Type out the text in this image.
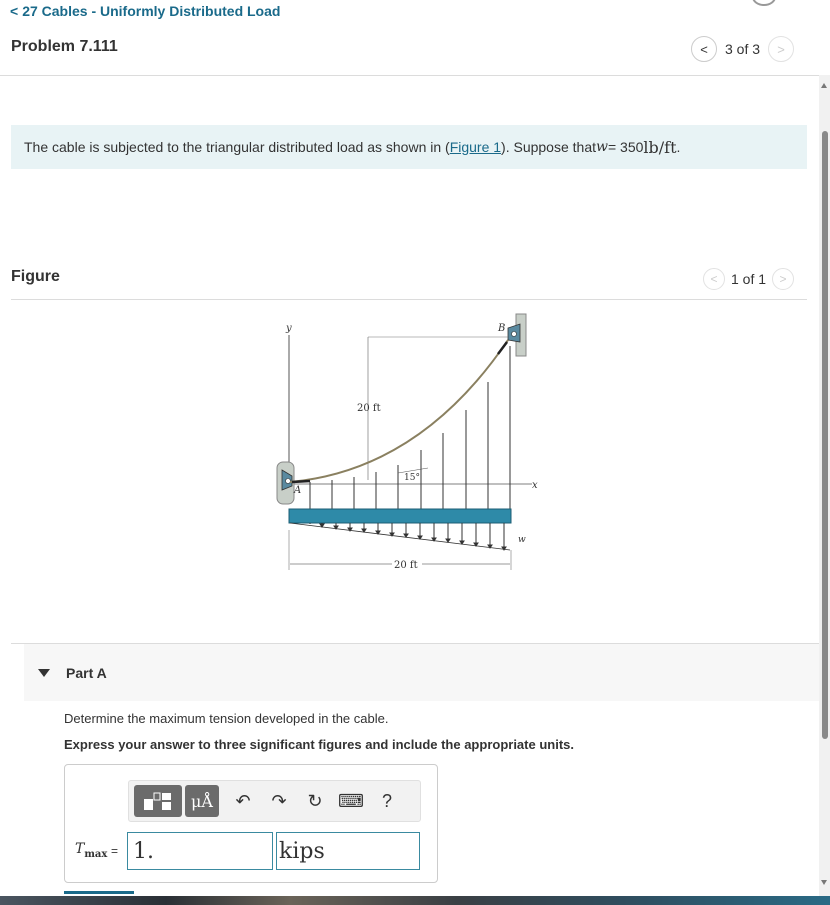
< 27 Cables - Uniformly Distributed Load
Problem 7.111	< 3 of 3 >
The cable is subjected to the triangular distributed load as shown in ( Figure 1 ). Suppose that w = 350 lb/ft .
Figure	< 1 of 1 >
y
x
A
B
20 ft
15°
w
20 ft
Part A
Determine the maximum tension developed in the cable.
Express your answer to three significant figures and include the appropriate units.
μÅ	↶	↷	↻ ⌨	?
$T_{max}$ =
1.
kips
